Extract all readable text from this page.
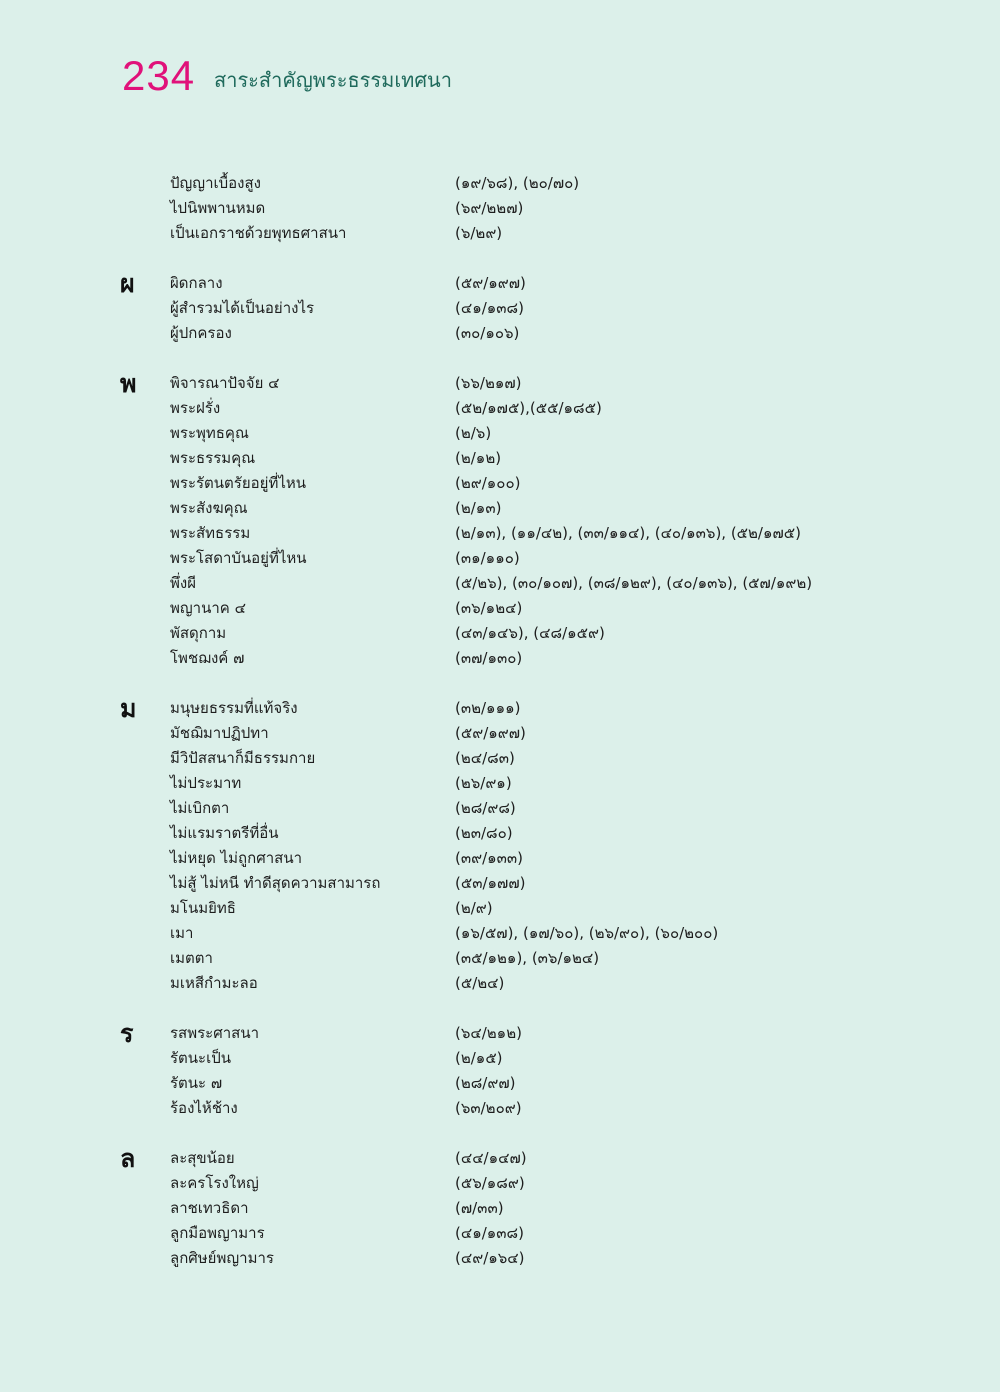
234 สาระสำคัญพระธรรมเทศนา
ปัญญาเบื้องสูง	(๑๙/๖๘), (๒๐/๗๐)
ไปนิพพานหมด	(๖๙/๒๒๗)
เป็นเอกราชด้วยพุทธศาสนา	(๖/๒๙)
ผ ผิดกลาง	(๕๙/๑๙๗)
ผู้สำรวมได้เป็นอย่างไร	(๔๑/๑๓๘)
ผู้ปกครอง	(๓๐/๑๐๖)
พ พิจารณาปัจจัย ๔	(๖๖/๒๑๗)
พระฝรั่ง	(๕๒/๑๗๕),(๕๕/๑๘๕)
พระพุทธคุณ	(๒/๖)
พระธรรมคุณ	(๒/๑๒)
พระรัตนตรัยอยู่ที่ไหน	(๒๙/๑๐๐)
พระสังฆคุณ	(๒/๑๓)
พระสัทธรรม	(๒/๑๓), (๑๑/๔๒), (๓๓/๑๑๔), (๔๐/๑๓๖), (๕๒/๑๗๕)
พระโสดาบันอยู่ที่ไหน	(๓๑/๑๑๐)
พึ่งผี	(๕/๒๖), (๓๐/๑๐๗), (๓๘/๑๒๙), (๔๐/๑๓๖), (๕๗/๑๙๒)
พญานาค ๔	(๓๖/๑๒๔)
พัสดุกาม	(๔๓/๑๔๖), (๔๘/๑๕๙)
โพชฌงค์ ๗	(๓๗/๑๓๐)
ม มนุษยธรรมที่แท้จริง	(๓๒/๑๑๑)
มัชฌิมาปฏิปทา	(๕๙/๑๙๗)
มีวิปัสสนาก็มีธรรมกาย	(๒๔/๘๓)
ไม่ประมาท	(๒๖/๙๑)
ไม่เบิกตา	(๒๘/๙๘)
ไม่แรมราตรีที่อื่น	(๒๓/๘๐)
ไม่หยุด ไม่ถูกศาสนา	(๓๙/๑๓๓)
ไม่สู้ ไม่หนี ทำดีสุดความสามารถ	(๕๓/๑๗๗)
มโนมยิทธิ	(๒/๙)
เมา	(๑๖/๕๗), (๑๗/๖๐), (๒๖/๙๐), (๖๐/๒๐๐)
เมตตา	(๓๕/๑๒๑), (๓๖/๑๒๔)
มเหสีกำมะลอ	(๕/๒๔)
ร รสพระศาสนา	(๖๔/๒๑๒)
รัตนะเป็น	(๒/๑๕)
รัตนะ ๗	(๒๘/๙๗)
ร้องไห้ช้าง	(๖๓/๒๐๙)
ล ละสุขน้อย	(๔๔/๑๔๗)
ละครโรงใหญ่	(๕๖/๑๘๙)
ลาชเทวธิดา	(๗/๓๓)
ลูกมือพญามาร	(๔๑/๑๓๘)
ลูกศิษย์พญามาร	(๔๙/๑๖๔)
